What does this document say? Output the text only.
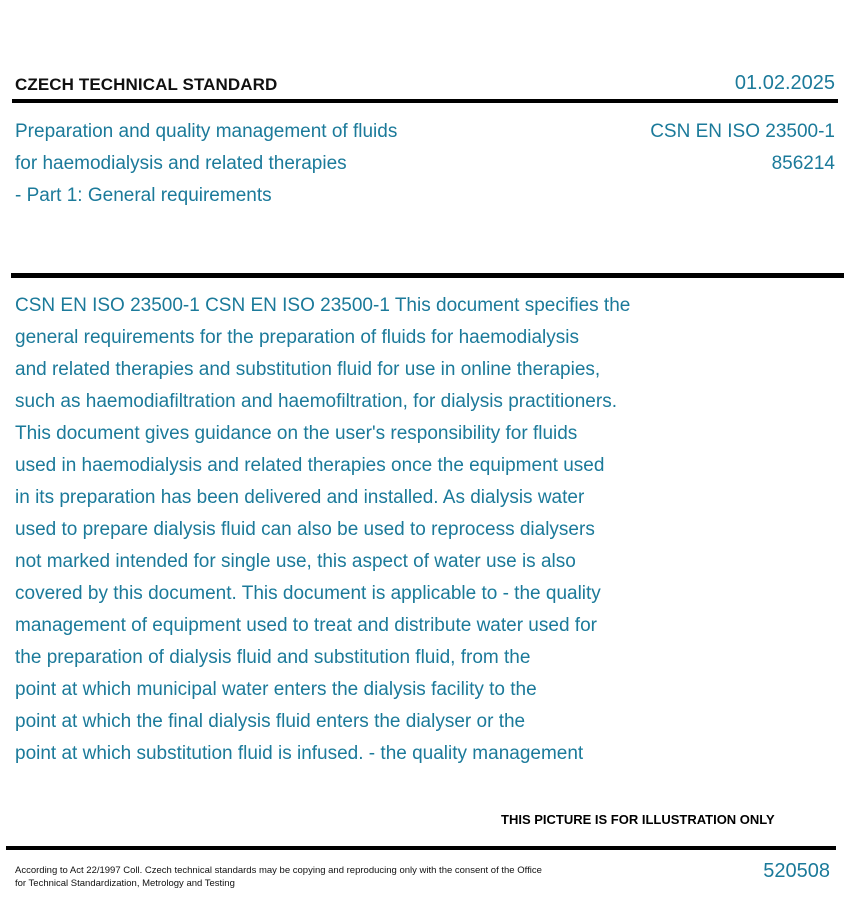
CZECH TECHNICAL STANDARD	01.02.2025
Preparation and quality management of fluids
for haemodialysis and related therapies
- Part 1: General requirements
CSN EN ISO 23500-1
856214
CSN EN ISO 23500-1 CSN EN ISO 23500-1 This document specifies the
general requirements for the preparation of fluids for haemodialysis
and related therapies and substitution fluid for use in online therapies,
such as haemodiafiltration and haemofiltration, for dialysis practitioners.
This document gives guidance on the user's responsibility for fluids
used in haemodialysis and related therapies once the equipment used
in its preparation has been delivered and installed. As dialysis water
used to prepare dialysis fluid can also be used to reprocess dialysers
not marked intended for single use, this aspect of water use is also
covered by this document. This document is applicable to - the quality
management of equipment used to treat and distribute water used for
the preparation of dialysis fluid and substitution fluid, from the
point at which municipal water enters the dialysis facility to the
point at which the final dialysis fluid enters the dialyser or the
point at which substitution fluid is infused. - the quality management
THIS PICTURE IS FOR ILLUSTRATION ONLY
According to Act 22/1997 Coll. Czech technical standards may be copying and reproducing only with the consent of the Office
for Technical Standardization, Metrology and Testing
520508
